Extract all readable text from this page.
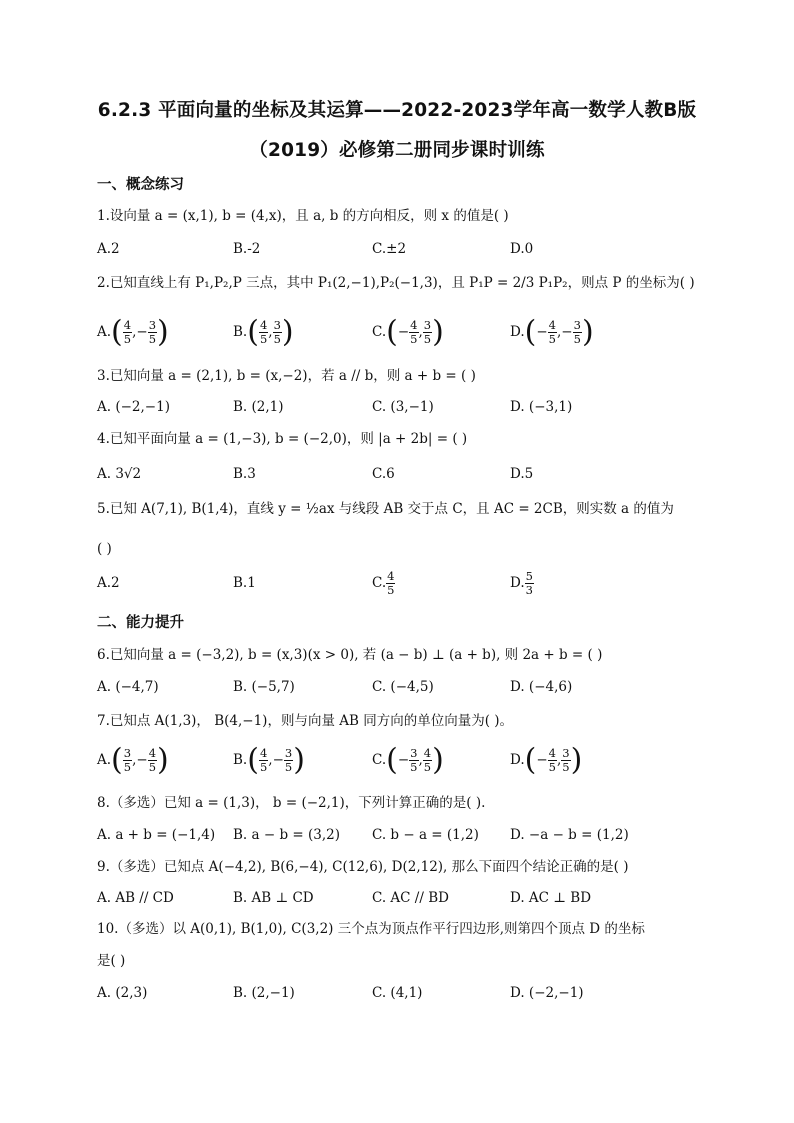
6.2.3 平面向量的坐标及其运算——2022-2023学年高一数学人教B版
（2019）必修第二册同步课时训练
一、概念练习
1.设向量 a = (x,1), b = (4,x)，且 a, b 的方向相反，则 x 的值是( )
A.2	B.-2	C.±2	D.0
2.已知直线上有 P₁,P₂,P 三点，其中 P₁(2,−1),P₂(−1,3)，且 P₁P = 2/3 P₁P₂，则点 P 的坐标为( )
$A.( \frac{4}{5}$ ,− $\frac{3}{5}$ )	$B.( \frac{4}{5}$ , $\frac{3}{5}$ )	$C.(- \frac{4}{5}$ , $\frac{3}{5}$ )	$D.(- \frac{4}{5}$ ,− $\frac{3}{5}$ )
3.已知向量 a = (2,1), b = (x,−2)，若 a // b，则 a + b = ( )
A. (−2,−1)	B. (2,1)	C. (3,−1)	D. (−3,1)
4.已知平面向量 a = (1,−3), b = (−2,0)，则 |a + 2b| = ( )
A. 3√2	B.3	C.6	D.5
5.已知 A(7,1), B(1,4)，直线 y = ½ax 与线段 AB 交于点 C，且 AC = 2CB，则实数 a 的值为
( )
A.2	B.1	C. $\frac{4}{5}$	D. $\frac{5}{3}$
二、能力提升
6.已知向量 a = (−3,2), b = (x,3)(x > 0), 若 (a − b) ⊥ (a + b), 则 2a + b = ( )
A. (−4,7)	B. (−5,7)	C. (−4,5)	D. (−4,6)
7.已知点 A(1,3)， B(4,−1)，则与向量 AB 同方向的单位向量为( )。
$A.( \frac{3}{5}$ ,− $\frac{4}{5}$ )	$B.( \frac{4}{5}$ ,− $\frac{3}{5}$ )	$C.(- \frac{3}{5}$ , $\frac{4}{5}$ )	$D.(- \frac{4}{5}$ , $\frac{3}{5}$ )
8.（多选）已知 a = (1,3)， b = (−2,1)，下列计算正确的是( ).
A. a + b = (−1,4) B. a − b = (3,2) C. b − a = (1,2) D. −a − b = (1,2)
9.（多选）已知点 A(−4,2), B(6,−4), C(12,6), D(2,12), 那么下面四个结论正确的是( )
A. AB // CD	B. AB ⊥ CD	C. AC // BD	D. AC ⊥ BD
10.（多选）以 A(0,1), B(1,0), C(3,2) 三个点为顶点作平行四边形,则第四个顶点 D 的坐标
是( )
A. (2,3)	B. (2,−1)	C. (4,1)	D. (−2,−1)
